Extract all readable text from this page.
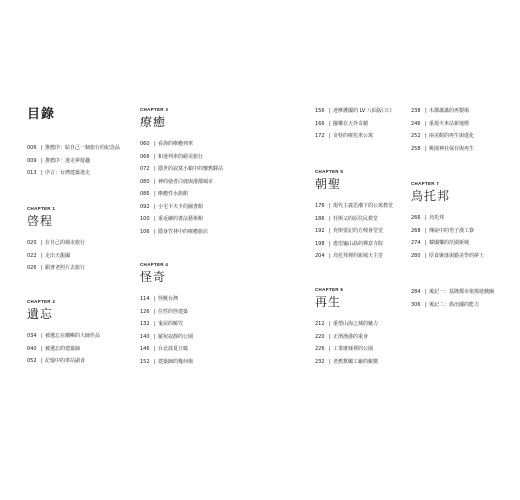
目錄
006 | 推薦序：給自己一個旅行的紀念品
009 | 推薦序：迷走夢遊趣
013 | 序言：台灣建築迷走
CHAPTER 1
啓程
020 | 在自己的城市旅行
022 | 走出天龍國
026 | 跟著老照片去旅行
CHAPTER 2
遺忘
034 | 被遺忘在蘭嶼的大師作品
040 | 被遺忘的建築師
052 | 記憶中的車站副食
CHAPTER 3
療癒
060 | 看海的療癒列車
066 | 和迷列車的絕美旅行
072 | 隱世的寂寞小鎮中的懷舊驛站
080 | 神的使者白鹿與港都城市
086 | 療癒性水族館
092 | 小宅卡夫卡的圖書館
100 | 重返繪的書法藝術館
106 | 隱身竹林中的療癒旅店
CHAPTER 4
怪奇
114 | 怪獸台灣
126 | 住性的怪建築
132 | 鬼屋的解咒
140 | 羅宛寂靜的公園
146 | 台北波夏豆腐
152 | 建築師的幾何場
156 | 達摩護國的 LV 八仙版口口
166 | 擺權在天外奇蹟
172 | 奇特的療托車公寓
CHAPTER 5
朝聖
176 | 現代主義思潮下的公寓教堂
186 | 杜斯父的原住民教堂
192 | 充斯要記的方興會堂堂
198 | 遙望龜山島的禪意寺院
204 | 烏托邦裡的新城天主堂
CHAPTER 6
再生
212 | 重塑山海之城的魅力
220 | 正濱漁港的重身
226 | 工業廢墟裡的公園
232 | 老舊幫繩工廠的蛻變
238 | 木都蕭蕭的再製場
246 | 重現火車站新地標
252 | 兩美館的再生與進化
258 | 桃園神社保存與再生
CHAPTER 7
烏托邦
266 | 烏托邦
268 | 傳說中的男子漢工寮
274 | 韓國樂的范圍新城
280 | 厚食聚落與勤美學的夢土
284 | 後記一：基隆都市依搖遊戲圖
306 | 後記二：偽治國的能力
